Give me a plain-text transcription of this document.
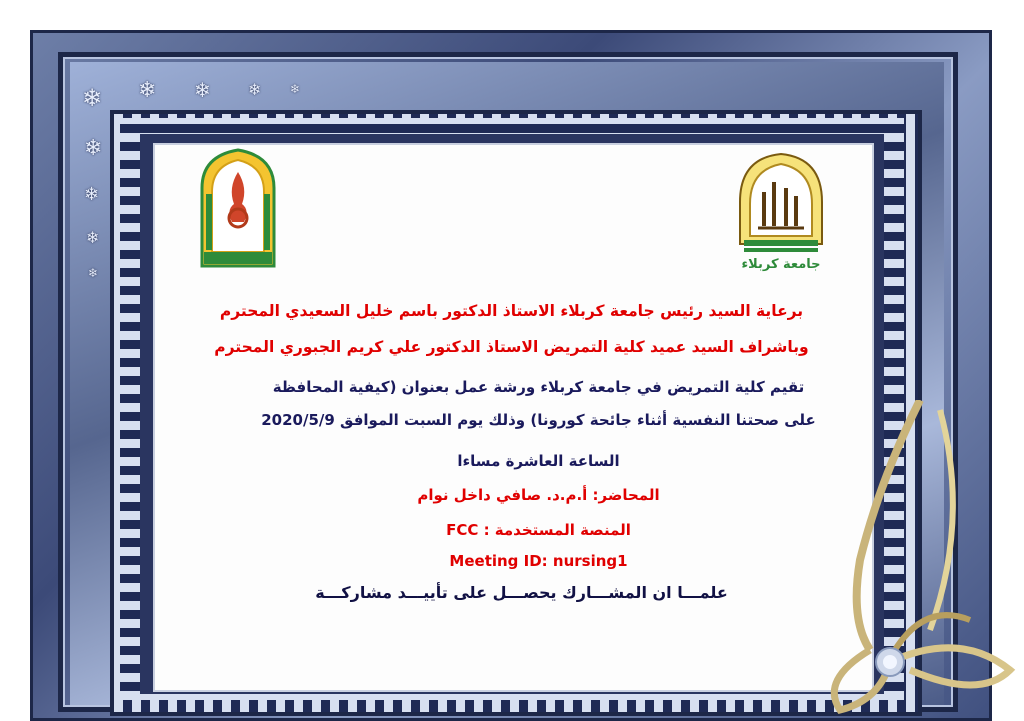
❄ ❄ ❄ ❄ ❄
❄
❄
❄
❄
جامعة كربلاء
برعاية السيد رئيس جامعة كربلاء الاستاذ الدكتور باسم خليل السعيدي المحترم
وباشراف السيد عميد كلية التمريض الاستاذ الدكتور علي كريم الجبوري المحترم
تقيم كلية التمريض في جامعة كربلاء ورشة عمل بعنوان (كيفية المحافظة
على صحتنا النفسية أثناء جائحة كورونا) وذلك يوم السبت الموافق 2020/5/9
الساعة العاشرة مساءا
المحاضر: أ.م.د. صافي داخل نوام
المنصة المستخدمة : FCC
Meeting ID: nursing1
علمـــا ان المشـــارك يحصـــل على تأييـــد مشاركـــة
